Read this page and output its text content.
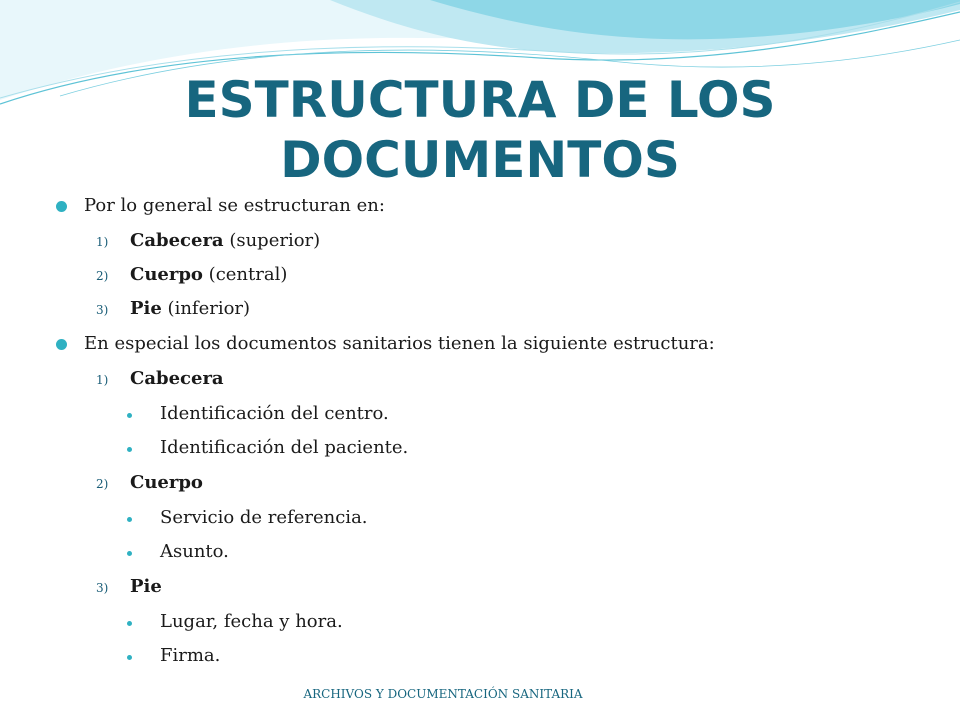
ESTRUCTURA DE LOS
DOCUMENTOS
Por lo general se estructuran en:
1) Cabecera (superior)
2) Cuerpo (central)
3) Pie (inferior)
En especial los documentos sanitarios tienen la siguiente estructura:
1) Cabecera
Identificación del centro.
Identificación del paciente.
2) Cuerpo
Servicio de referencia.
Asunto.
3) Pie
Lugar, fecha y hora.
Firma.
ARCHIVOS Y DOCUMENTACIÓN SANITARIA
